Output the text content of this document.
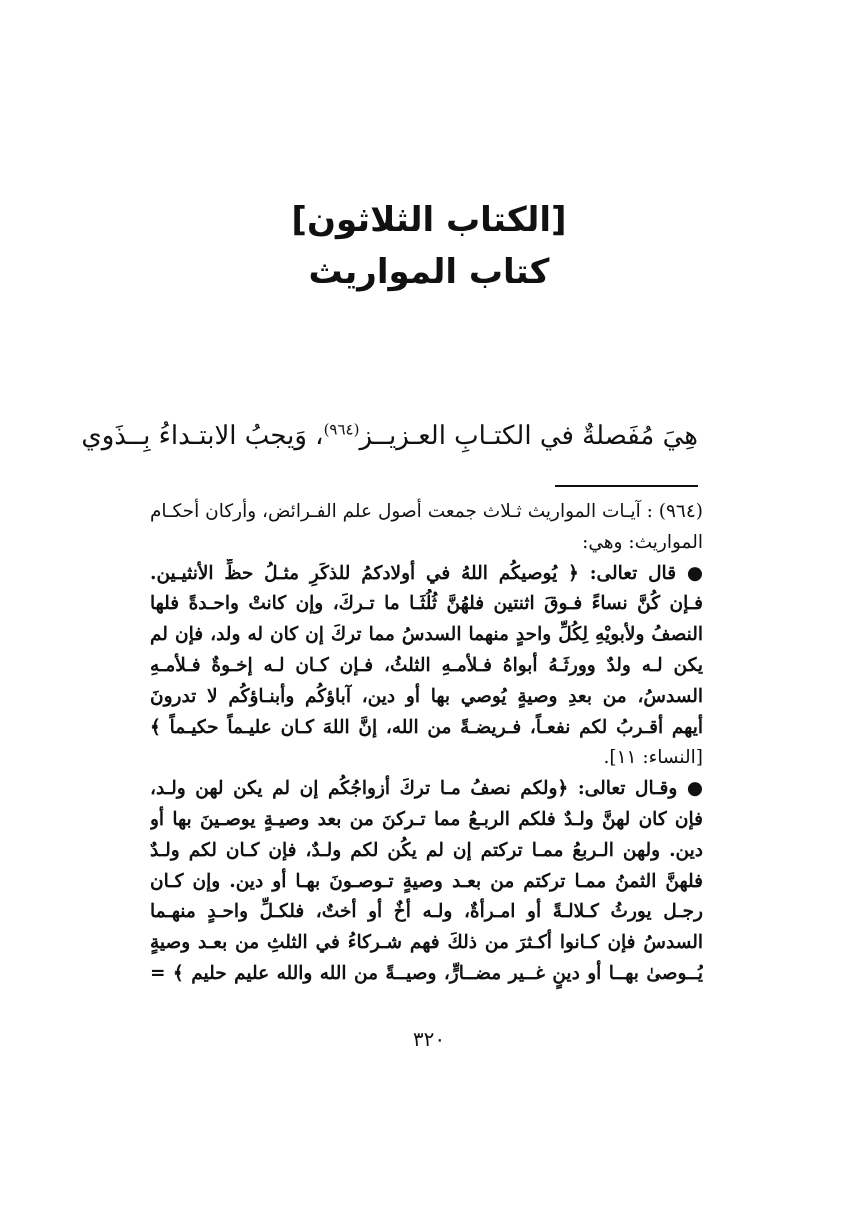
[الكتاب الثلاثون]
كتاب المواريث
هِيَ مُفَصلةٌ في الكتـابِ العـزيــز$^{(٩٦٤)}$، وَيجبُ الابتـداءُ بِــذَوي
(٩٦٤) : آيـات المواريث ثـلاث جمعت أصول علم الفـرائض، وأركان أحكـام
المواريث: وهي:
● قال تعالى: ﴿ يُوصيكُم اللهُ في أولادكمُ للذكَرِ مثـلُ حظِّ الأنثيـين.
فـإن كُنَّ نساءً فـوقَ اثنتين فلهُنَّ ثُلُثَـا ما تـركَ، وإن كانتْ واحـدةً فلها
النصفُ ولأبويْهِ لِكُلِّ واحدٍ منهما السدسُ مما تركَ إن كان له ولد، فإن لم
يكن لـه ولدٌ وورثَـهُ أبواهُ فـلأمـهِ الثلثُ، فـإن كـان لـه إخـوةٌ فـلأمـهِ
السدسُ، من بعدِ وصيةٍ يُوصي بها أو دين، آباؤكُم وأبنـاؤكُم لا تدرونَ
أيهم أقـربُ لكم نفعـاً، فـريضـةً من الله، إنَّ اللهَ كـان عليـماً حكيـماً ﴾
[النساء: ١١].
● وقـال تعالى: ﴿ولكم نصفُ مـا تركَ أزواجُكُم إن لم يكن لهن ولـد،
فإن كان لهنَّ ولـدٌ فلكم الربـعُ مما تـركنَ من بعد وصيـةٍ يوصـينَ بها أو
دين. ولهن الـربعُ ممـا تركتم إن لم يكُن لكم ولـدٌ، فإن كـان لكم ولـدٌ
فلهنَّ الثمنُ ممـا تركتم من بعـد وصيةٍ تـوصـونَ بهـا أو دين. وإن كـان
رجـل يورثُ كـلالـةً أو امـرأةٌ، ولـه أخٌ أو أختٌ، فلكـلِّ واحـدٍ منهـما
السدسُ فإن كـانوا أكـثرَ من ذلكَ فهم شـركاءُ في الثلثِ من بعـد وصيةٍ
يُــوصىٰ بهــا أو دينٍ غــير مضــارٍّ، وصيــةً من الله والله عليم حليم ﴾ =
٣٢٠
